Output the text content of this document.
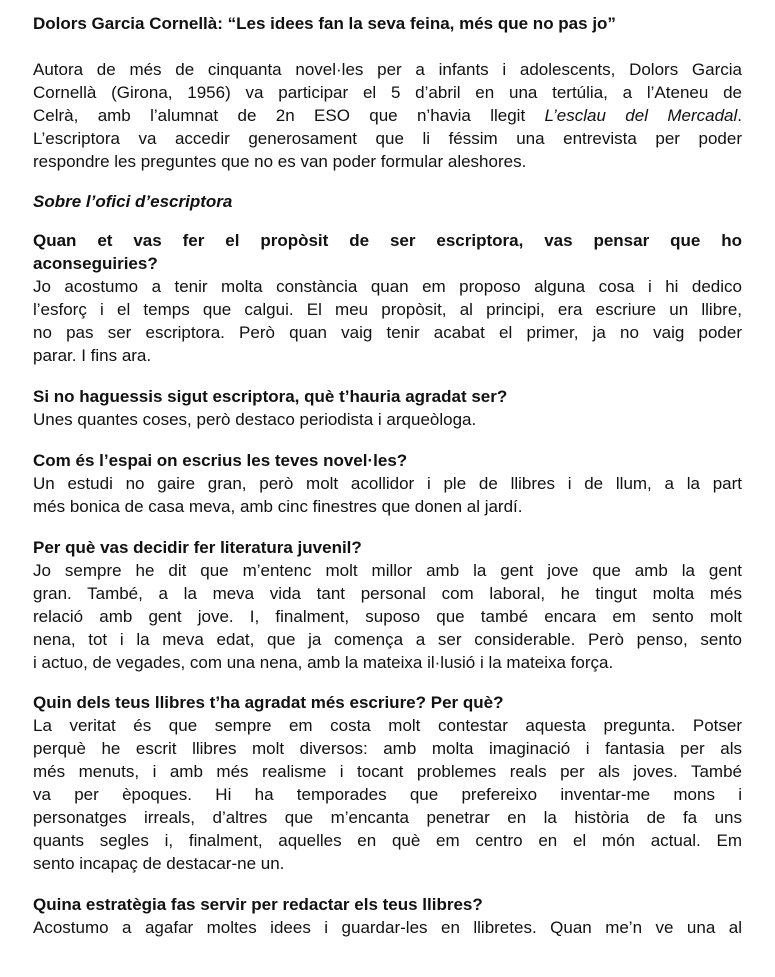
Dolors Garcia Cornellà: “Les idees fan la seva feina, més que no pas jo”
Autora de més de cinquanta novel·les per a infants i adolescents, Dolors Garcia
Cornellà (Girona, 1956) va participar el 5 d’abril en una tertúlia, a l’Ateneu de
Celrà, amb l’alumnat de 2n ESO que n’havia llegit L’esclau del Mercadal.
L’escriptora va accedir generosament que li féssim una entrevista per poder
respondre les preguntes que no es van poder formular aleshores.
Sobre l’ofici d’escriptora
Quan et vas fer el propòsit de ser escriptora, vas pensar que ho
aconseguiries?
Jo acostumo a tenir molta constància quan em proposo alguna cosa i hi dedico
l’esforç i el temps que calgui. El meu propòsit, al principi, era escriure un llibre,
no pas ser escriptora. Però quan vaig tenir acabat el primer, ja no vaig poder
parar. I fins ara.
Si no haguessis sigut escriptora, què t’hauria agradat ser?
Unes quantes coses, però destaco periodista i arqueòloga.
Com és l’espai on escrius les teves novel·les?
Un estudi no gaire gran, però molt acollidor i ple de llibres i de llum, a la part
més bonica de casa meva, amb cinc finestres que donen al jardí.
Per què vas decidir fer literatura juvenil?
Jo sempre he dit que m’entenc molt millor amb la gent jove que amb la gent
gran. També, a la meva vida tant personal com laboral, he tingut molta més
relació amb gent jove. I, finalment, suposo que també encara em sento molt
nena, tot i la meva edat, que ja comença a ser considerable. Però penso, sento
i actuo, de vegades, com una nena, amb la mateixa il·lusió i la mateixa força.
Quin dels teus llibres t’ha agradat més escriure? Per què?
La veritat és que sempre em costa molt contestar aquesta pregunta. Potser
perquè he escrit llibres molt diversos: amb molta imaginació i fantasia per als
més menuts, i amb més realisme i tocant problemes reals per als joves. També
va per èpoques. Hi ha temporades que prefereixo inventar-me mons i
personatges irreals, d’altres que m’encanta penetrar en la història de fa uns
quants segles i, finalment, aquelles en què em centro en el món actual. Em
sento incapaç de destacar-ne un.
Quina estratègia fas servir per redactar els teus llibres?
Acostumo a agafar moltes idees i guardar-les en llibretes. Quan me’n ve una al
